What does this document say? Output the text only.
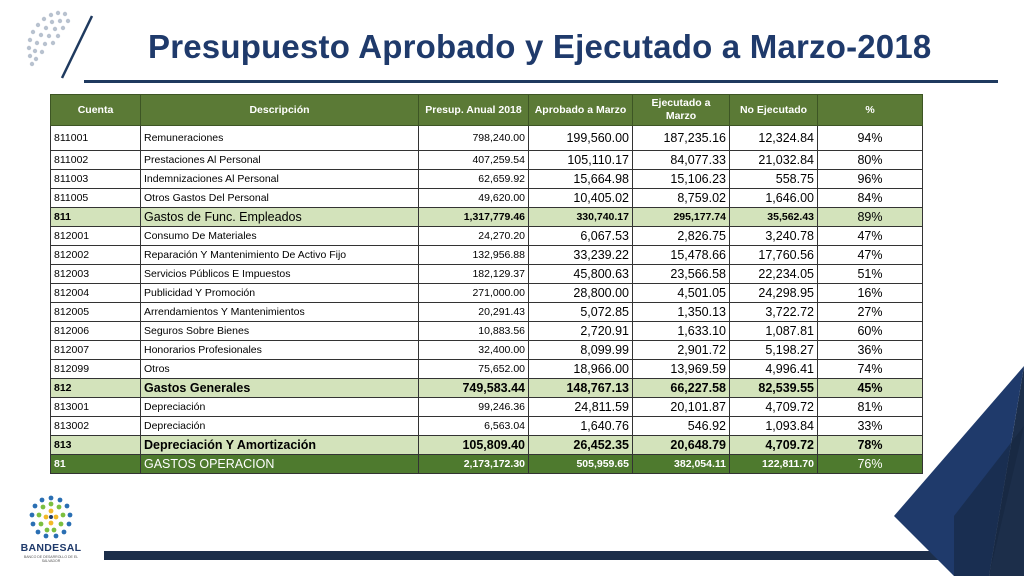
Presupuesto Aprobado y Ejecutado a Marzo-2018
Cuenta	Descripción	Presup. Anual 2018	Aprobado a Marzo	Ejecutado a Marzo	No Ejecutado	%
811001	Remuneraciones	798,240.00	199,560.00	187,235.16	12,324.84	94%
811002	Prestaciones Al Personal	407,259.54	105,110.17	84,077.33	21,032.84	80%
811003	Indemnizaciones Al Personal	62,659.92	15,664.98	15,106.23	558.75	96%
811005	Otros Gastos Del Personal	49,620.00	10,405.02	8,759.02	1,646.00	84%
811	Gastos de Func. Empleados	1,317,779.46	330,740.17	295,177.74	35,562.43	89%
812001	Consumo De Materiales	24,270.20	6,067.53	2,826.75	3,240.78	47%
812002	Reparación Y Mantenimiento De Activo Fijo	132,956.88	33,239.22	15,478.66	17,760.56	47%
812003	Servicios Públicos E Impuestos	182,129.37	45,800.63	23,566.58	22,234.05	51%
812004	Publicidad Y Promoción	271,000.00	28,800.00	4,501.05	24,298.95	16%
812005	Arrendamientos Y Mantenimientos	20,291.43	5,072.85	1,350.13	3,722.72	27%
812006	Seguros Sobre Bienes	10,883.56	2,720.91	1,633.10	1,087.81	60%
812007	Honorarios Profesionales	32,400.00	8,099.99	2,901.72	5,198.27	36%
812099	Otros	75,652.00	18,966.00	13,969.59	4,996.41	74%
812	Gastos Generales	749,583.44	148,767.13	66,227.58	82,539.55	45%
813001	Depreciación	99,246.36	24,811.59	20,101.87	4,709.72	81%
813002	Depreciación	6,563.04	1,640.76	546.92	1,093.84	33%
813	Depreciación Y Amortización	105,809.40	26,452.35	20,648.79	4,709.72	78%
81	GASTOS OPERACION	2,173,172.30	505,959.65	382,054.11	122,811.70	76%
BANDESAL
BANCO DE DESARROLLO DE EL SALVADOR
